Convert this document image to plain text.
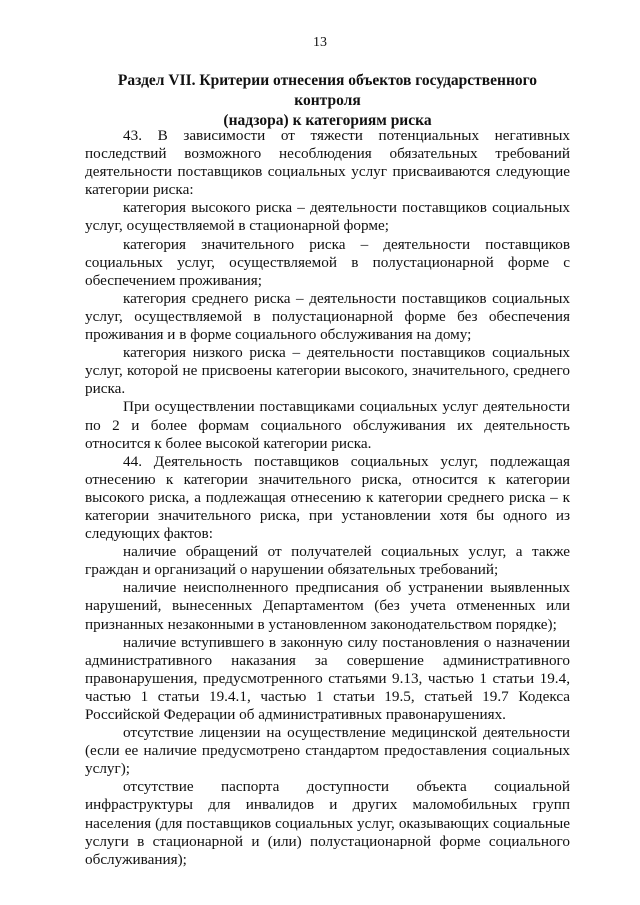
13
Раздел VII. Критерии отнесения объектов государственного контроля
(надзора) к категориям риска

43. В зависимости от тяжести потенциальных негативных последствий возможного несоблюдения обязательных требований деятельности поставщиков социальных услуг присваиваются следующие категории риска:

категория высокого риска – деятельности поставщиков социальных услуг, осуществляемой в стационарной форме;

категория значительного риска – деятельности поставщиков социальных услуг, осуществляемой в полустационарной форме с обеспечением проживания;

категория среднего риска – деятельности поставщиков социальных услуг, осуществляемой в полустационарной форме без обеспечения проживания и в форме социального обслуживания на дому;

категория низкого риска – деятельности поставщиков социальных услуг, которой не присвоены категории высокого, значительного, среднего риска.

При осуществлении поставщиками социальных услуг деятельности по 2 и более формам социального обслуживания их деятельность относится к более высокой категории риска.

44. Деятельность поставщиков социальных услуг, подлежащая отнесению к категории значительного риска, относится к категории высокого риска, а подлежащая отнесению к категории среднего риска – к категории значительного риска, при установлении хотя бы одного из следующих фактов:

наличие обращений от получателей социальных услуг, а также граждан и организаций о нарушении обязательных требований;

наличие неисполненного предписания об устранении выявленных нарушений, вынесенных Департаментом (без учета отмененных или признанных незаконными в установленном законодательством порядке);

наличие вступившего в законную силу постановления о назначении административного наказания за совершение административного правонарушения, предусмотренного статьями 9.13, частью 1 статьи 19.4, частью 1 статьи 19.4.1, частью 1 статьи 19.5, статьей 19.7 Кодекса Российской Федерации об административных правонарушениях.

отсутствие лицензии на осуществление медицинской деятельности (если ее наличие предусмотрено стандартом предоставления социальных услуг);

отсутствие паспорта доступности объекта социальной инфраструктуры для инвалидов и других маломобильных групп населения (для поставщиков социальных услуг, оказывающих социальные услуги в стационарной и (или) полустационарной форме социального обслуживания);
